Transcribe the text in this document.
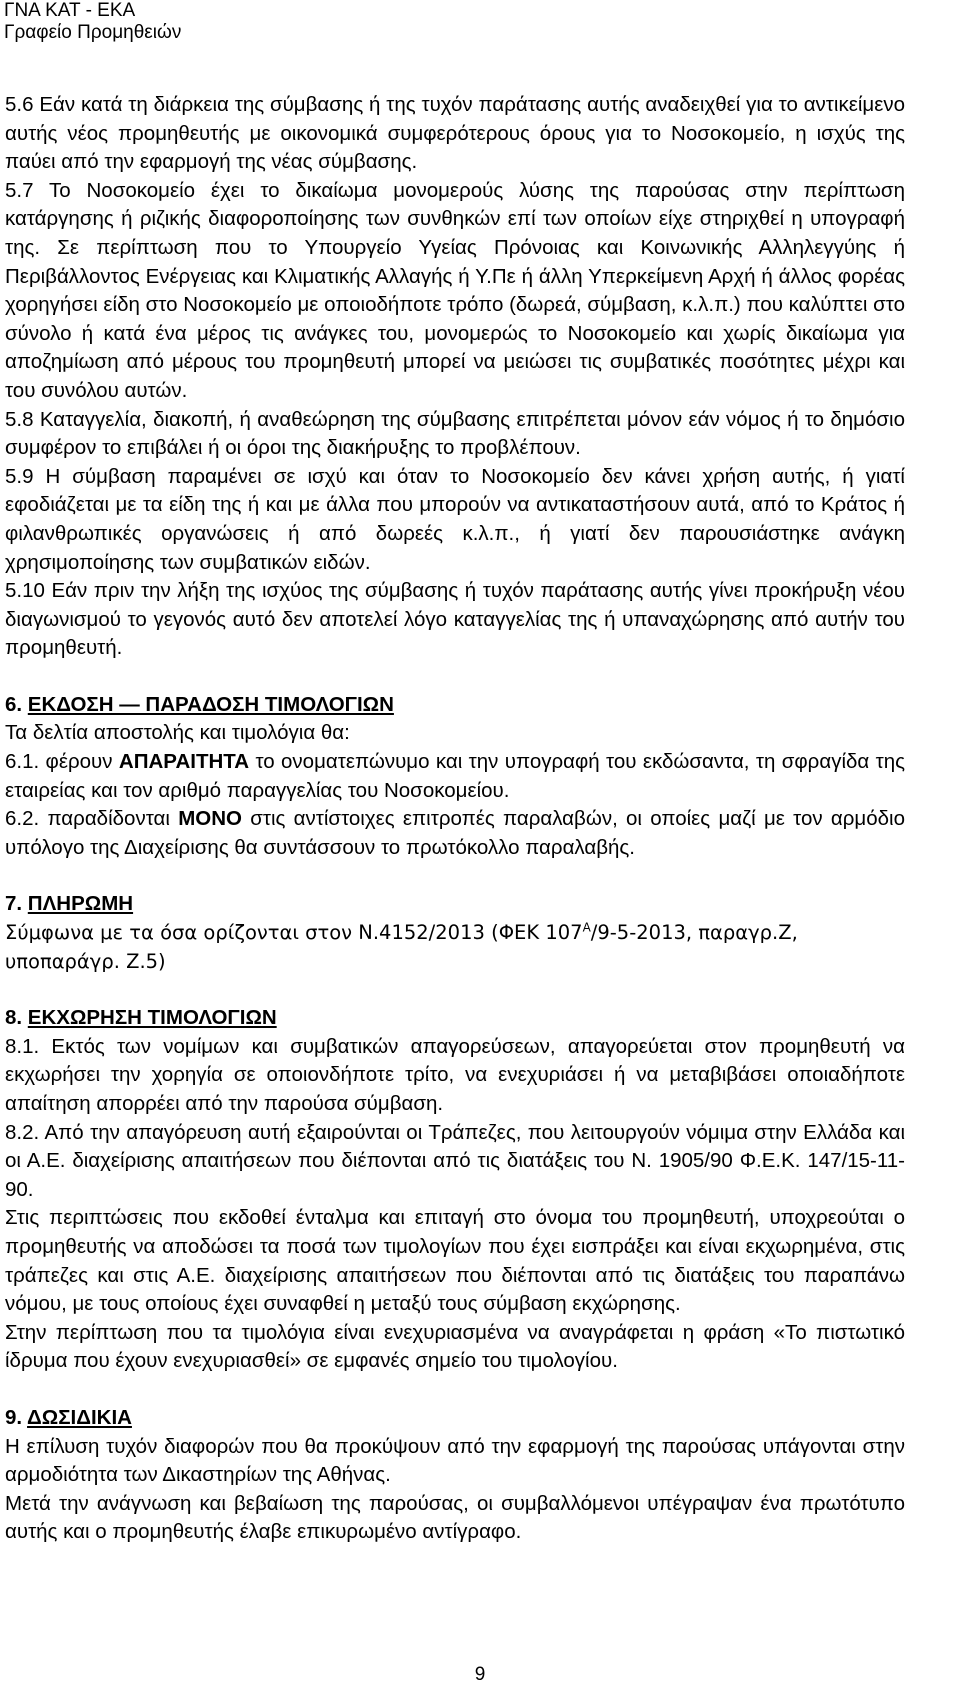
ΓΝΑ ΚΑΤ - ΕΚΑ
Γραφείο Προμηθειών

5.6 Εάν κατά τη διάρκεια της σύμβασης ή της τυχόν παράτασης αυτής αναδειχθεί για το αντικείμενο αυτής νέος προμηθευτής με οικονομικά συμφερότερους όρους για το Νοσοκομείο, η ισχύς της παύει από την εφαρμογή της νέας σύμβασης.

5.7 Το Νοσοκομείο έχει το δικαίωμα μονομερούς λύσης της παρούσας στην περίπτωση κατάργησης ή ριζικής διαφοροποίησης των συνθηκών επί των οποίων είχε στηριχθεί η υπογραφή της. Σε περίπτωση που το Υπουργείο Υγείας Πρόνοιας και Κοινωνικής Αλληλεγγύης ή Περιβάλλοντος Ενέργειας και Κλιματικής Αλλαγής ή Υ.Πε ή άλλη Υπερκείμενη Αρχή ή άλλος φορέας χορηγήσει είδη στο Νοσοκομείο με οποιοδήποτε τρόπο (δωρεά, σύμβαση, κ.λ.π.) που καλύπτει στο σύνολο ή κατά ένα μέρος τις ανάγκες του, μονομερώς το Νοσοκομείο και χωρίς δικαίωμα για αποζημίωση από μέρους του προμηθευτή μπορεί να μειώσει τις συμβατικές ποσότητες μέχρι και του συνόλου αυτών.

5.8 Καταγγελία, διακοπή, ή αναθεώρηση της σύμβασης επιτρέπεται μόνον εάν νόμος ή το δημόσιο συμφέρον το επιβάλει ή οι όροι της διακήρυξης το προβλέπουν.

5.9 Η σύμβαση παραμένει σε ισχύ και όταν το Νοσοκομείο δεν κάνει χρήση αυτής, ή γιατί εφοδιάζεται με τα είδη της ή και με άλλα που μπορούν να αντικαταστήσουν αυτά, από το Κράτος ή φιλανθρωπικές οργανώσεις ή από δωρεές κ.λ.π., ή γιατί δεν παρουσιάστηκε ανάγκη χρησιμοποίησης των συμβατικών ειδών.

5.10 Εάν πριν την λήξη της ισχύος της σύμβασης ή τυχόν παράτασης αυτής γίνει προκήρυξη νέου διαγωνισμού το γεγονός αυτό δεν αποτελεί λόγο καταγγελίας της ή υπαναχώρησης από αυτήν του προμηθευτή.

6. ΕΚΔΟΣΗ — ΠΑΡΑΔΟΣΗ ΤΙΜΟΛΟΓΙΩΝ

Τα δελτία αποστολής και τιμολόγια θα:

6.1. φέρουν ΑΠΑΡΑΙΤΗΤΑ το ονοματεπώνυμο και την υπογραφή του εκδώσαντα, τη σφραγίδα της εταιρείας και τον αριθμό παραγγελίας του Νοσοκομείου.

6.2. παραδίδονται ΜΟΝΟ στις αντίστοιχες επιτροπές παραλαβών, οι οποίες μαζί με τον αρμόδιο υπόλογο της Διαχείρισης θα συντάσσουν το πρωτόκολλο παραλαβής.

7. ΠΛΗΡΩΜΗ

Σύμφωνα με τα όσα ορίζονται στον Ν.4152/2013 (ΦΕΚ $107^A/9-5-2013$, παραγρ.Ζ, υποπαράγρ. Ζ.5)

8. ΕΚΧΩΡΗΣΗ ΤΙΜΟΛΟΓΙΩΝ

8.1. Εκτός των νομίμων και συμβατικών απαγορεύσεων, απαγορεύεται στον προμηθευτή να εκχωρήσει την χορηγία σε οποιονδήποτε τρίτο, να ενεχυριάσει ή να μεταβιβάσει οποιαδήποτε απαίτηση απορρέει από την παρούσα σύμβαση.

8.2. Από την απαγόρευση αυτή εξαιρούνται οι Τράπεζες, που λειτουργούν νόμιμα στην Ελλάδα και οι Α.Ε. διαχείρισης απαιτήσεων που διέπονται από τις διατάξεις του Ν. 1905/90 Φ.Ε.Κ. 147/15-11-90.

Στις περιπτώσεις που εκδοθεί ένταλμα και επιταγή στο όνομα του προμηθευτή, υποχρεούται ο προμηθευτής να αποδώσει τα ποσά των τιμολογίων που έχει εισπράξει και είναι εκχωρημένα, στις τράπεζες και στις Α.Ε. διαχείρισης απαιτήσεων που διέπονται από τις διατάξεις του παραπάνω νόμου, με τους οποίους έχει συναφθεί η μεταξύ τους σύμβαση εκχώρησης.

Στην περίπτωση που τα τιμολόγια είναι ενεχυριασμένα να αναγράφεται η φράση «Το πιστωτικό ίδρυμα που έχουν ενεχυριασθεί» σε εμφανές σημείο του τιμολογίου.

9. ΔΩΣΙΔΙΚΙΑ

Η επίλυση τυχόν διαφορών που θα προκύψουν από την εφαρμογή της παρούσας υπάγονται στην αρμοδιότητα των Δικαστηρίων της Αθήνας.

Μετά την ανάγνωση και βεβαίωση της παρούσας, οι συμβαλλόμενοι υπέγραψαν ένα πρωτότυπο αυτής και ο προμηθευτής έλαβε επικυρωμένο αντίγραφο.

9
